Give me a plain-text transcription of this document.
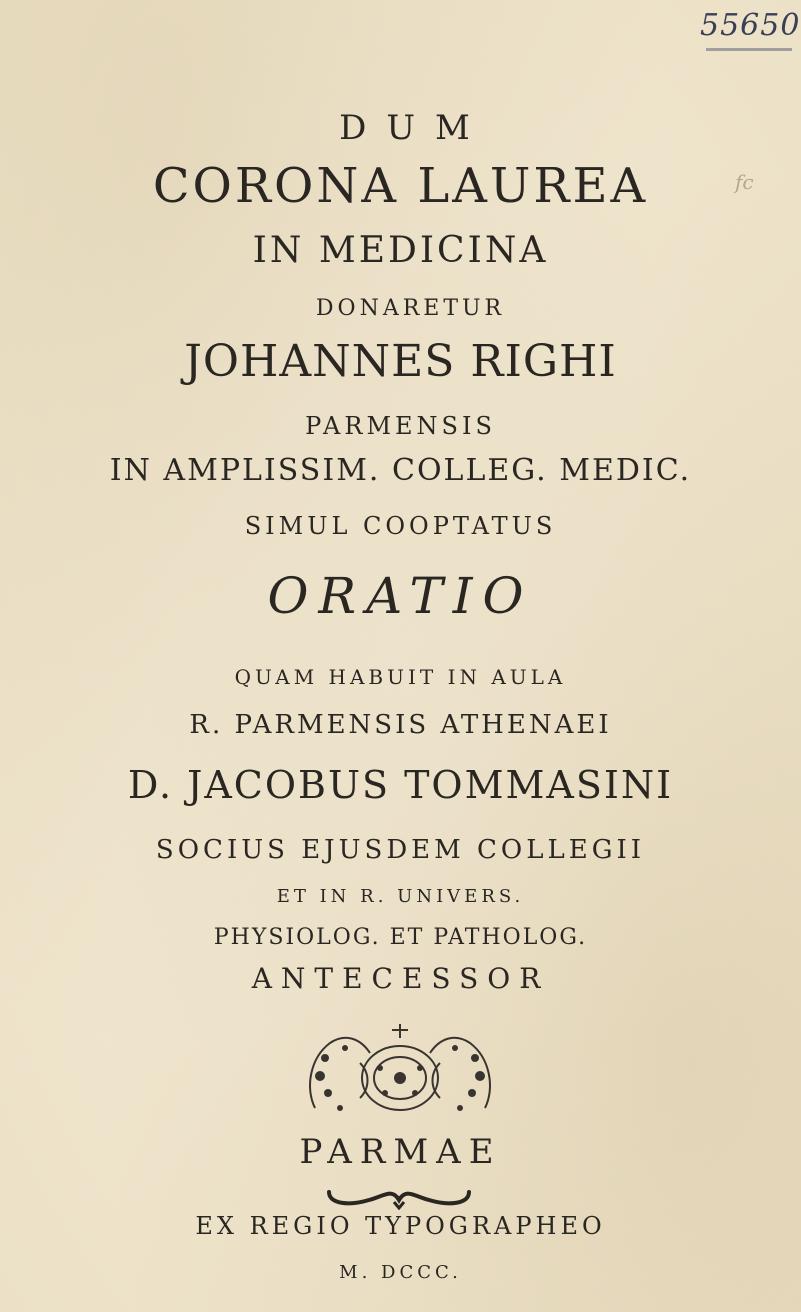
55650
fc
DUM
CORONA LAUREA
IN MEDICINA
DONARETUR
JOHANNES RIGHI
PARMENSIS
IN AMPLISSIM. COLLEG. MEDIC.
SIMUL COOPTATUS
ORATIO
QUAM HABUIT IN AULA
R. PARMENSIS ATHENAEI
D. JACOBUS TOMMASINI
SOCIUS EJUSDEM COLLEGII
ET IN R. UNIVERS.
PHYSIOLOG. ET PATHOLOG.
ANTECESSOR
PARMAE
EX REGIO TYPOGRAPHEO
M. DCCC.
